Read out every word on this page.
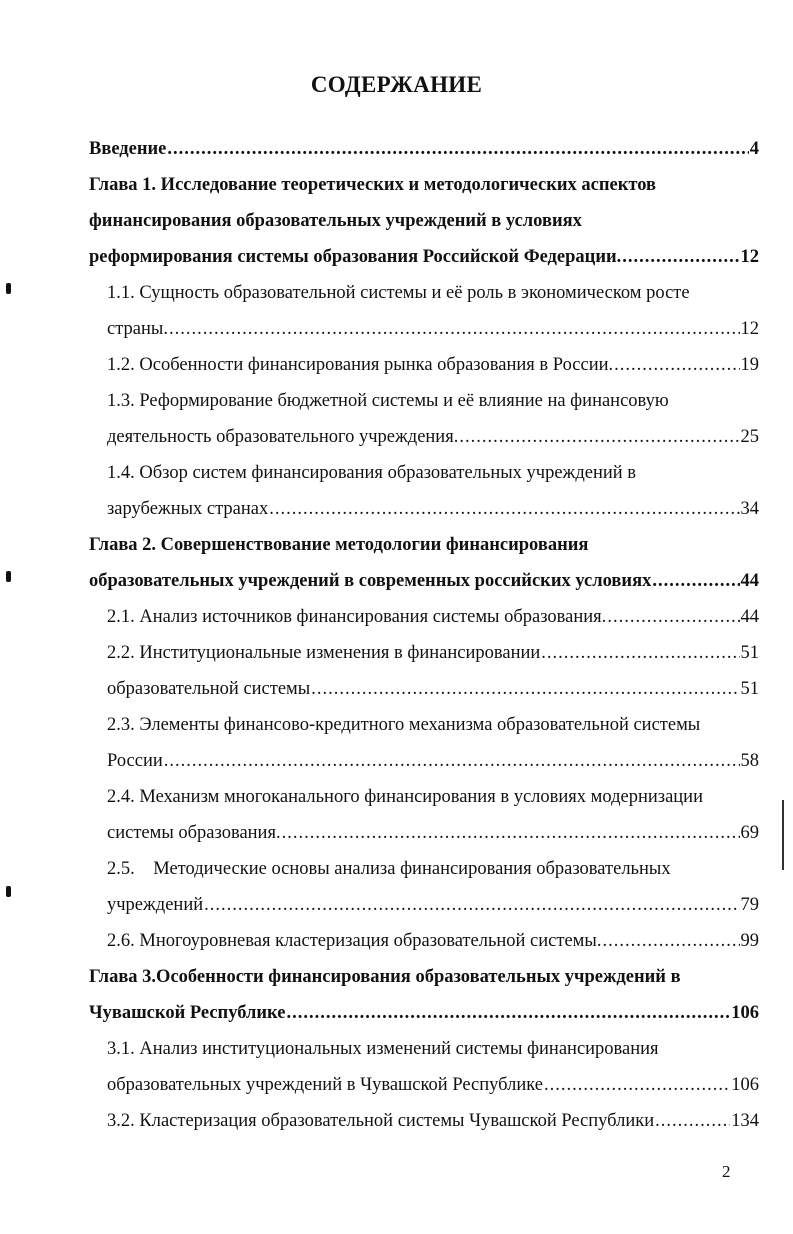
СОДЕРЖАНИЕ
Введение .....	4
Глава 1. Исследование теоретических и методологических аспектов
финансирования образовательных учреждений в условиях
реформирования системы образования Российской Федерации. .....	12
1.1. Сущность образовательной системы и её роль в экономическом росте
страны. .....	12
1.2. Особенности финансирования рынка образования в России. .....	19
1.3. Реформирование бюджетной системы и её влияние на финансовую
деятельность образовательного учреждения. .....	25
1.4. Обзор систем финансирования образовательных учреждений в
зарубежных странах .....	34
Глава 2. Совершенствование методологии финансирования
образовательных учреждений в современных российских условиях .....	44
2.1. Анализ источников финансирования системы образования. .....	44
2.2. Институциональные изменения в финансировании .....	51
образовательной системы .....	51
2.3. Элементы финансово-кредитного механизма образовательной системы
России .....	58
2.4. Механизм многоканального финансирования в условиях модернизации
системы образования. .....	69
2.5.    Методические основы анализа финансирования образовательных
учреждений .....	79
2.6. Многоуровневая кластеризация образовательной системы. .....	99
Глава 3.Особенности финансирования образовательных учреждений в
Чувашской Республике .....	106
3.1. Анализ институциональных изменений системы финансирования
образовательных учреждений в Чувашской Республике .....	106
3.2. Кластеризация образовательной системы Чувашской Республики .....	134
2
